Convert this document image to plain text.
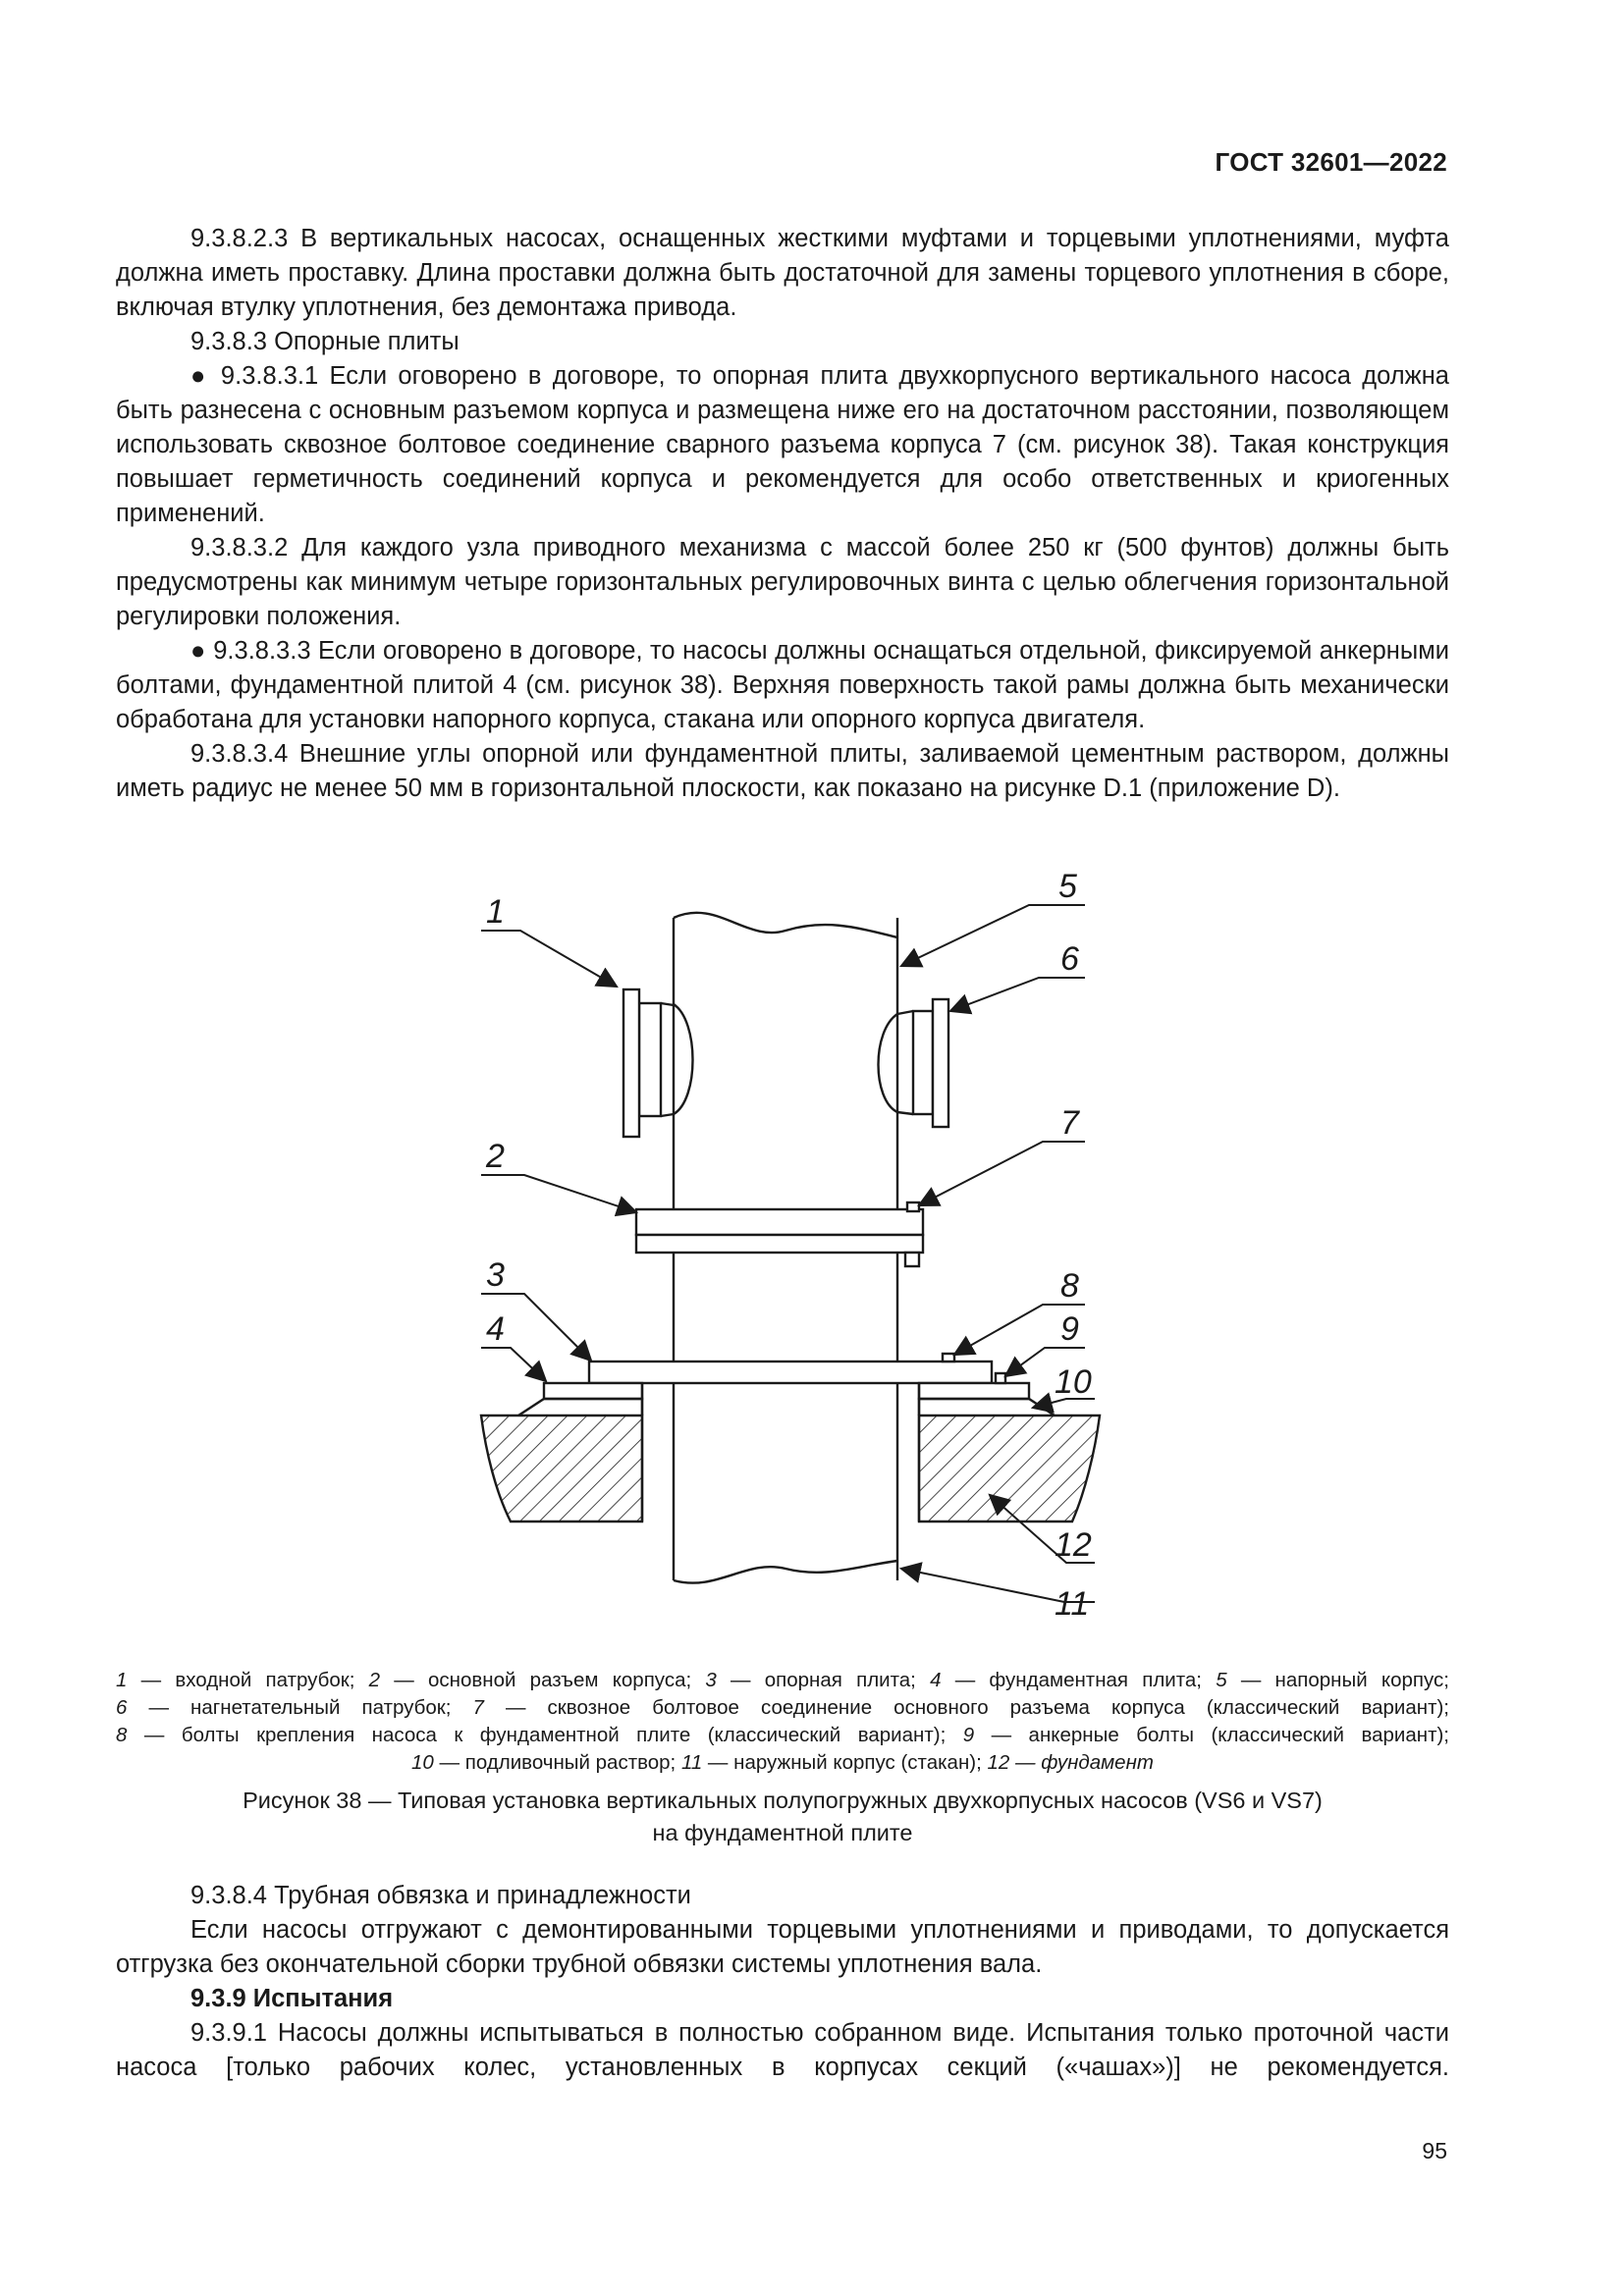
ГОСТ 32601—2022

9.3.8.2.3 В вертикальных насосах, оснащенных жесткими муфтами и торцевыми уплотнениями, муфта должна иметь проставку. Длина проставки должна быть достаточной для замены торцевого уплотнения в сборе, включая втулку уплотнения, без демонтажа привода.

9.3.8.3 Опорные плиты

● 9.3.8.3.1 Если оговорено в договоре, то опорная плита двухкорпусного вертикального насоса должна быть разнесена с основным разъемом корпуса и размещена ниже его на достаточном расстоянии, позволяющем использовать сквозное болтовое соединение сварного разъема корпуса 7 (см. рисунок 38). Такая конструкция повышает герметичность соединений корпуса и рекомендуется для особо ответственных и криогенных применений.

9.3.8.3.2 Для каждого узла приводного механизма с массой более 250 кг (500 фунтов) должны быть предусмотрены как минимум четыре горизонтальных регулировочных винта с целью облегчения горизонтальной регулировки положения.

● 9.3.8.3.3 Если оговорено в договоре, то насосы должны оснащаться отдельной, фиксируемой анкерными болтами, фундаментной плитой 4 (см. рисунок 38). Верхняя поверхность такой рамы должна быть механически обработана для установки напорного корпуса, стакана или опорного корпуса двигателя.

9.3.8.3.4 Внешние углы опорной или фундаментной плиты, заливаемой цементным раствором, должны иметь радиус не менее 50 мм в горизонтальной плоскости, как показано на рисунке D.1 (приложение D).

1
5
6
2
7
3
4
8
9
10
12
11
1 — входной патрубок; 2 — основной разъем корпуса; 3 — опорная плита; 4 — фундаментная плита; 5 — напорный корпус;
6 — нагнетательный патрубок; 7 — сквозное болтовое соединение основного разъема корпуса (классический вариант);
8 — болты крепления насоса к фундаментной плите (классический вариант); 9 — анкерные болты (классический вариант);
10 — подливочный раствор; 11 — наружный корпус (стакан); 12 — фундамент
Рисунок 38 — Типовая установка вертикальных полупогружных двухкорпусных насосов (VS6 и VS7)
на фундаментной плите

9.3.8.4 Трубная обвязка и принадлежности

Если насосы отгружают с демонтированными торцевыми уплотнениями и приводами, то допускается отгрузка без окончательной сборки трубной обвязки системы уплотнения вала.

9.3.9 Испытания

9.3.9.1 Насосы должны испытываться в полностью собранном виде. Испытания только проточной части насоса [только рабочих колес, установленных в корпусах секций («чашах»)] не рекомендуется.

95
